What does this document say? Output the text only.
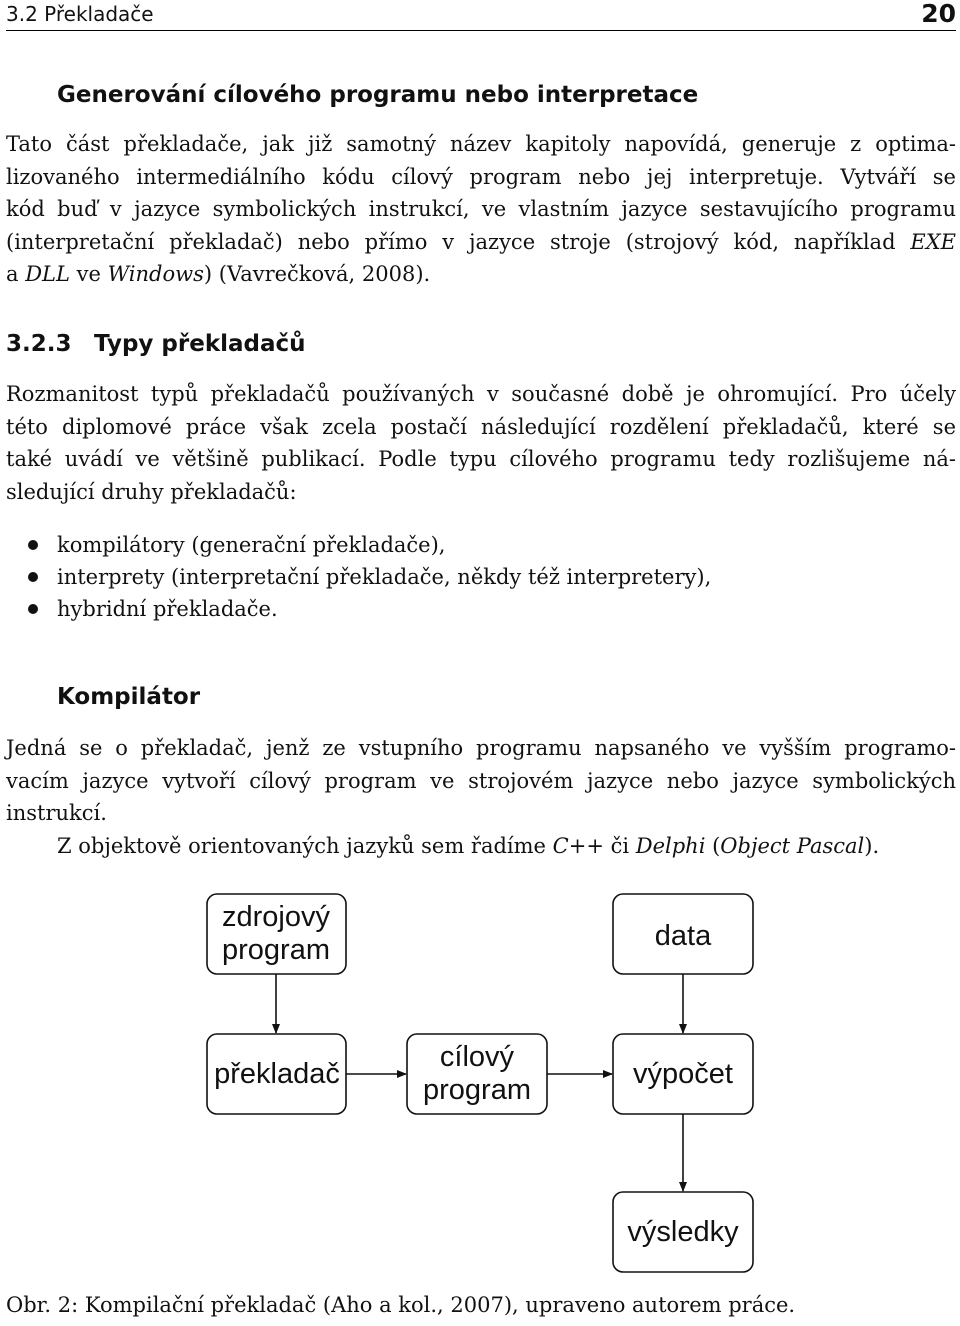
3.2 Překladače	20
Generování cílového programu nebo interpretace

Tato část překladače, jak již samotný název kapitoly napovídá, generuje z optima-
lizovaného intermediálního kódu cílový program nebo jej interpretuje. Vytváří se
kód buď v jazyce symbolických instrukcí, ve vlastním jazyce sestavujícího programu
(interpretační překladač) nebo přímo v jazyce stroje (strojový kód, například EXE
a DLL ve Windows) (Vavrečková, 2008).

3.2.3 Typy překladačů

Rozmanitost typů překladačů používaných v současné době je ohromující. Pro účely
této diplomové práce však zcela postačí následující rozdělení překladačů, které se
také uvádí ve většině publikací. Podle typu cílového programu tedy rozlišujeme ná-
sledující druhy překladačů:

kompilátory (generační překladače),
interprety (interpretační překladače, někdy též interpretery),
hybridní překladače.
Kompilátor

Jedná se o překladač, jenž ze vstupního programu napsaného ve vyšším programo-
vacím jazyce vytvoří cílový program ve strojovém jazyce nebo jazyce symbolických
instrukcí.
Z objektově orientovaných jazyků sem řadíme C++ či Delphi (Object Pascal).

zdrojový
program	data
překladač
cílový
program	výpočet
výsledky
Obr. 2: Kompilační překladač (Aho a kol., 2007), upraveno autorem práce.
